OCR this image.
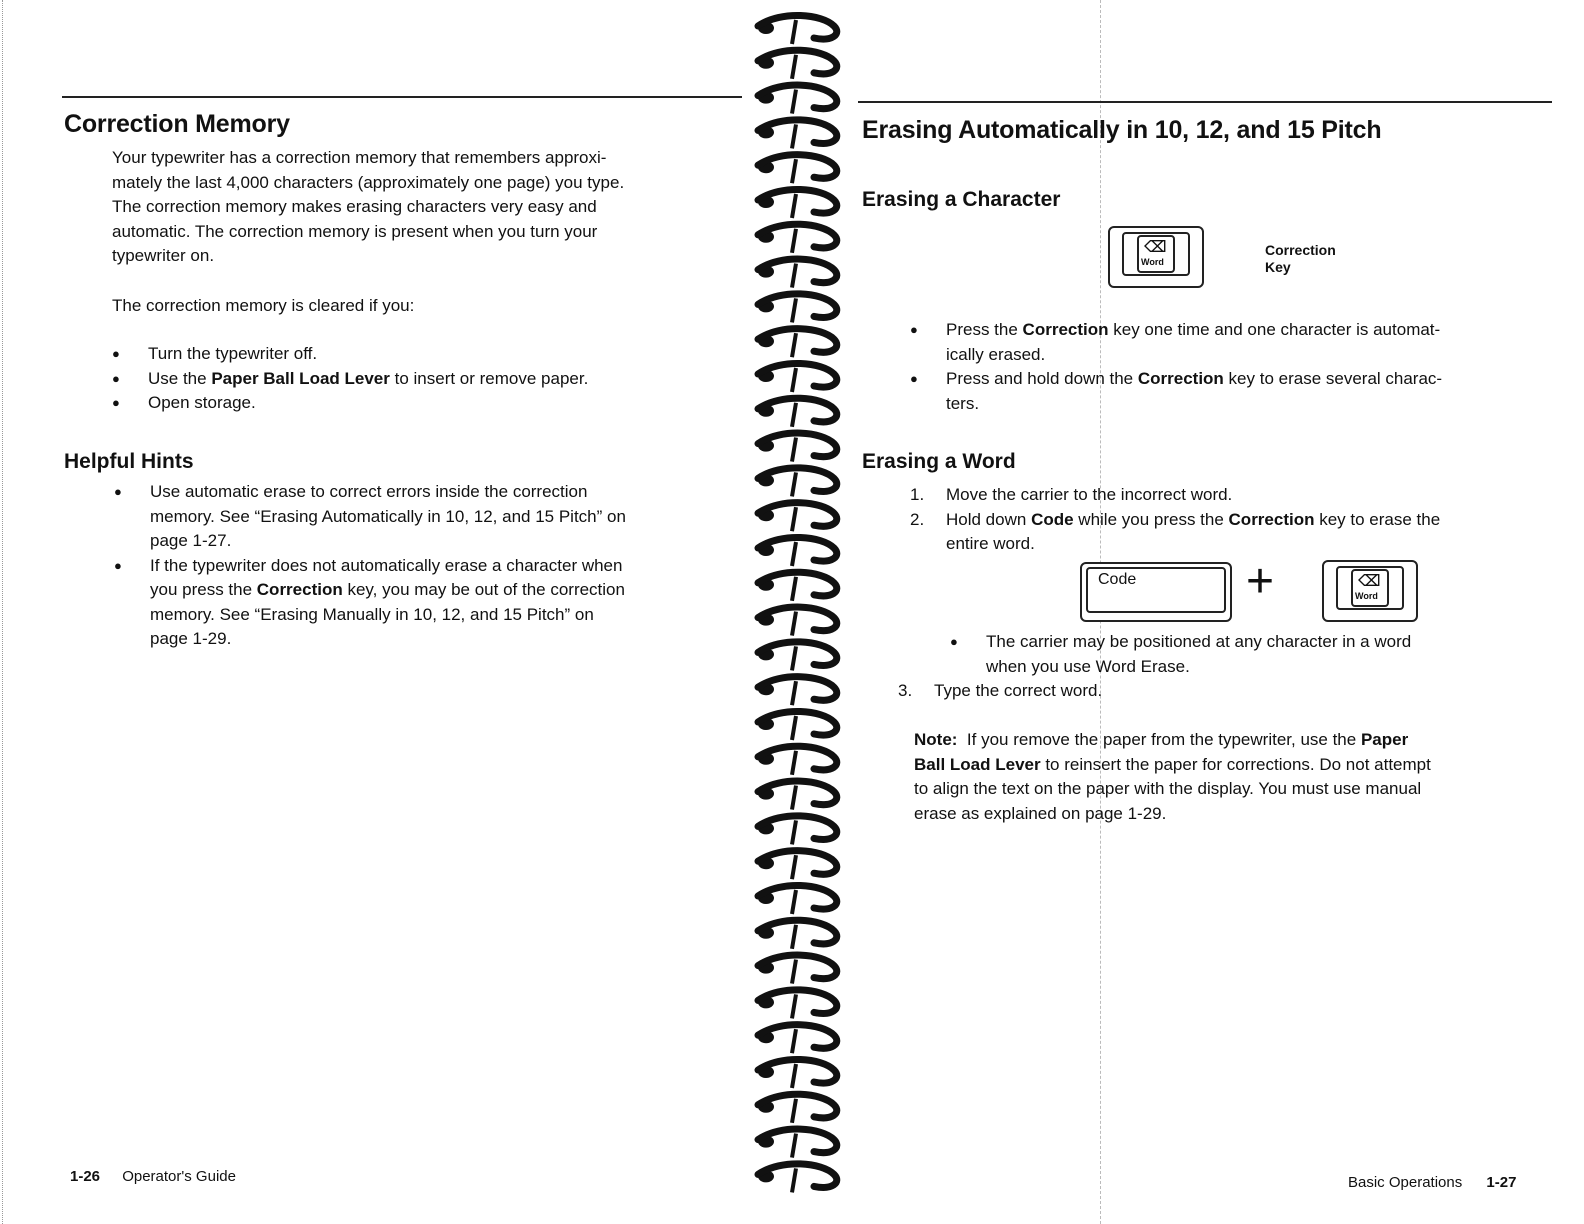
Correction Memory
Your typewriter has a correction memory that remembers approxi-
mately the last 4,000 characters (approximately one page) you type.
The correction memory makes erasing characters very easy and
automatic. The correction memory is present when you turn your
typewriter on.

The correction memory is cleared if you:

● Turn the typewriter off.
● Use the Paper Ball Load Lever to insert or remove paper.
● Open storage.
Helpful Hints
● Use automatic erase to correct errors inside the correction
memory. See “Erasing Automatically in 10, 12, and 15 Pitch” on
page 1-27.
● If the typewriter does not automatically erase a character when
you press the Correction key, you may be out of the correction
memory. See “Erasing Manually in 10, 12, and 15 Pitch” on
page 1-29.
1-26 Operator's Guide
Erasing Automatically in 10, 12, and 15 Pitch
Erasing a Character
⌫
Word
Correction
Key
● Press the Correction key one time and one character is automat-
ically erased.
● Press and hold down the Correction key to erase several charac-
ters.
Erasing a Word
1. Move the carrier to the incorrect word.
2. Hold down Code while you press the Correction key to erase the
entire word.
Code +	⌫
Word
● The carrier may be positioned at any character in a word
when you use Word Erase.
3. Type the correct word.
Note:  If you remove the paper from the typewriter, use the Paper
Ball Load Lever to reinsert the paper for corrections. Do not attempt
to align the text on the paper with the display. You must use manual
erase as explained on page 1-29.
Basic Operations 1-27
